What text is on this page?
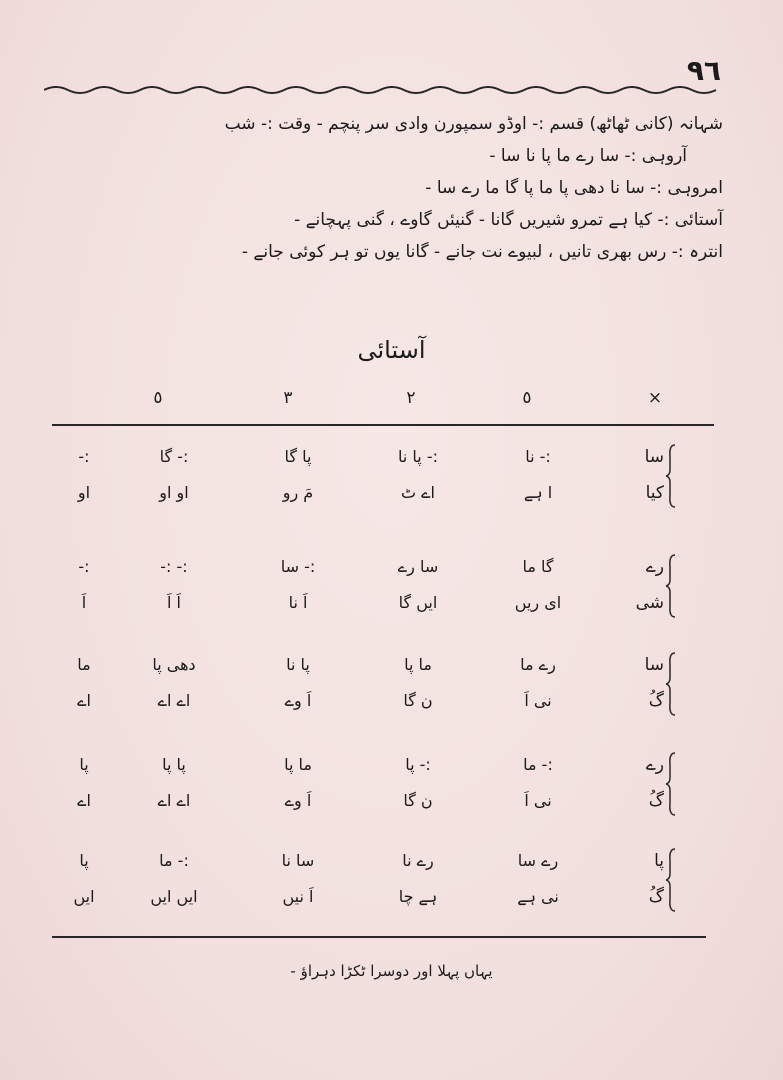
٩٦
شہانہ (کانی ٹھاٹھ) قسم :- اوڈو سمپورن وادی سر پنچم - وقت :- شب
آروہی :- سا رے ما پا نا سا -
امروہی :- سا نا دھی پا ما پا گا ما رے سا -
آستائی :- کیا ہے تمرو شیریں گانا - گنیئں گاوے ، گنی پہچانے -
انترہ :- رس بھری تانیں ، لبیوے نت جانے - گانا یوں تو ہر کوئی جانے -
آستائی
×
٥
٢
٣
٥
سا
:- نا
:- پا نا
پا گا
:- گا
:-
کیا
ا ہے
اے ٹ
مَ رو
او او
او
رے
گا ما
سا رے
:- سا
:- :-
:-
شی
ای ریں
ایں گا
اَ نا
اَ اَ
اَ
سا
رے ما
ما پا
پا نا
دھی پا
ما
گُ
نی اَ
ن گا
اَ وے
اے اے
اے
رے
:- ما
:- پا
ما پا
پا پا
پا
گُ
نی اَ
ن گا
اَ وے
اے اے
اے
پا
رے سا
رے نا
سا نا
:- ما
پا
گُ
نی ہے
ہے چا
اَ نیں
ایں ایں
ایں
یہاں پہلا اور دوسرا ٹکڑا دہراؤ -
